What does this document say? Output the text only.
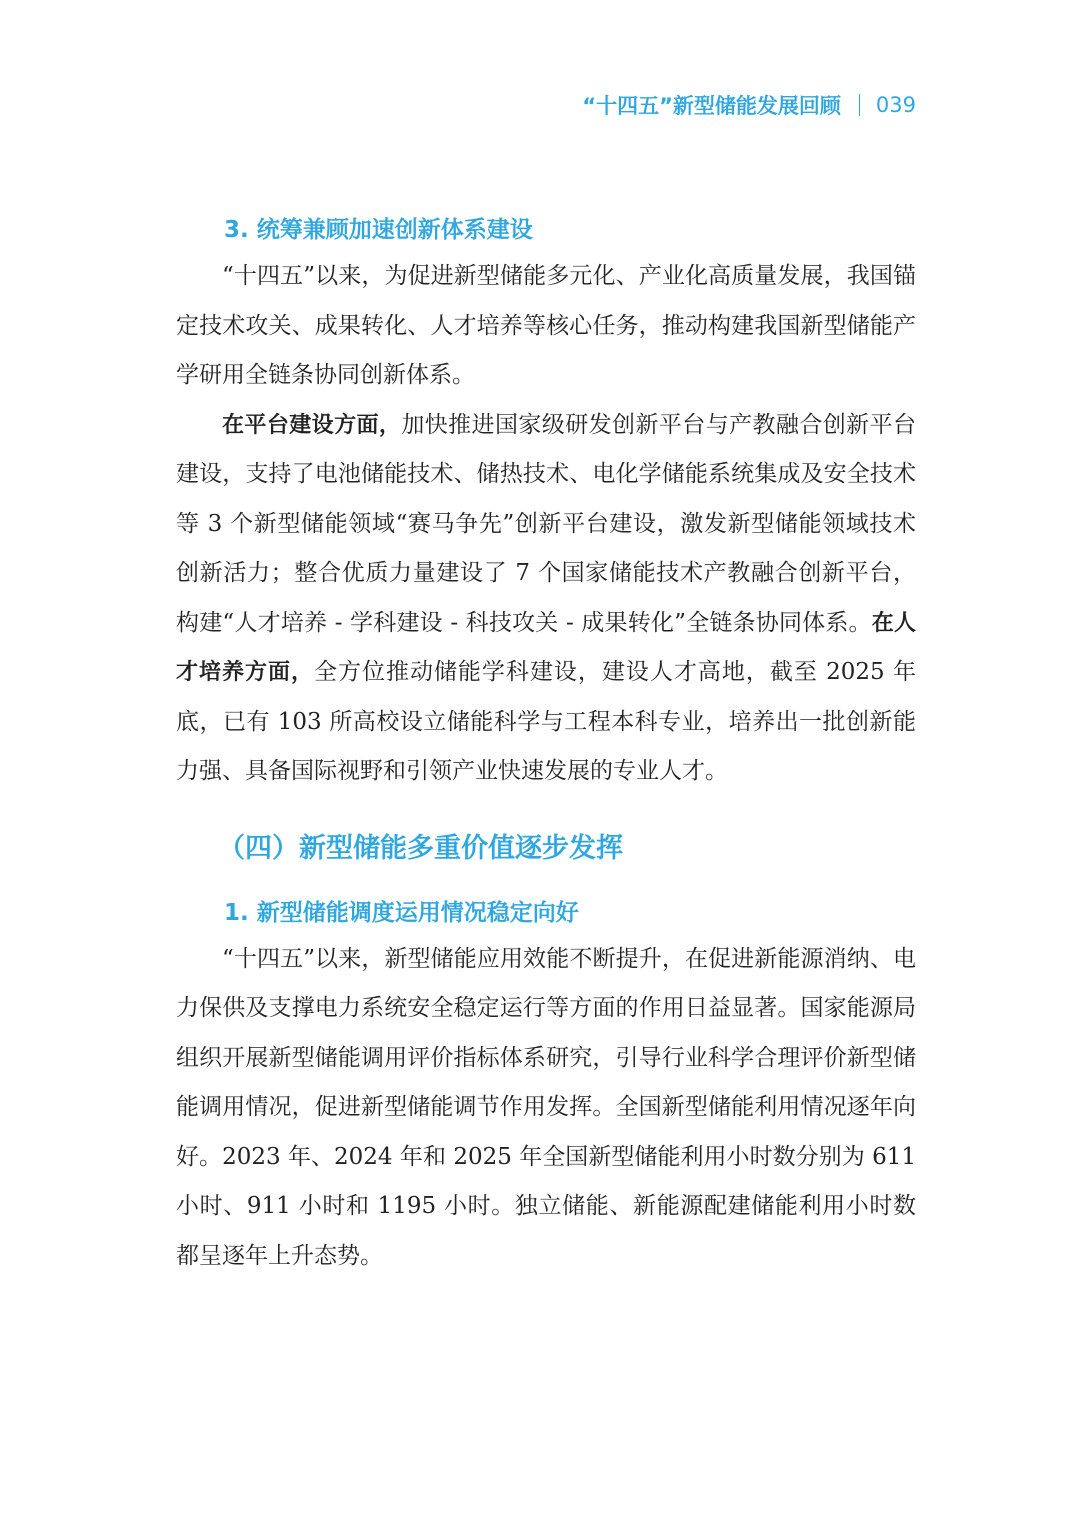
“十四五”新型储能发展回顾 039
3. 统筹兼顾加速创新体系建设

“十四五”以来，为促进新型储能多元化、产业化高质量发展，我国锚定技术攻关、成果转化、人才培养等核心任务，推动构建我国新型储能产学研用全链条协同创新体系。

在平台建设方面，加快推进国家级研发创新平台与产教融合创新平台建设，支持了电池储能技术、储热技术、电化学储能系统集成及安全技术等 3 个新型储能领域“赛马争先”创新平台建设，激发新型储能领域技术创新活力；整合优质力量建设了 7 个国家储能技术产教融合创新平台，构建“人才培养 - 学科建设 - 科技攻关 - 成果转化”全链条协同体系。在人才培养方面，全方位推动储能学科建设，建设人才高地，截至 2025 年底，已有 103 所高校设立储能科学与工程本科专业，培养出一批创新能力强、具备国际视野和引领产业快速发展的专业人才。

（四）新型储能多重价值逐步发挥
1. 新型储能调度运用情况稳定向好

“十四五”以来，新型储能应用效能不断提升，在促进新能源消纳、电力保供及支撑电力系统安全稳定运行等方面的作用日益显著。国家能源局组织开展新型储能调用评价指标体系研究，引导行业科学合理评价新型储能调用情况，促进新型储能调节作用发挥。全国新型储能利用情况逐年向好。2023 年、2024 年和 2025 年全国新型储能利用小时数分别为 611 小时、911 小时和 1195 小时。独立储能、新能源配建储能利用小时数都呈逐年上升态势。
